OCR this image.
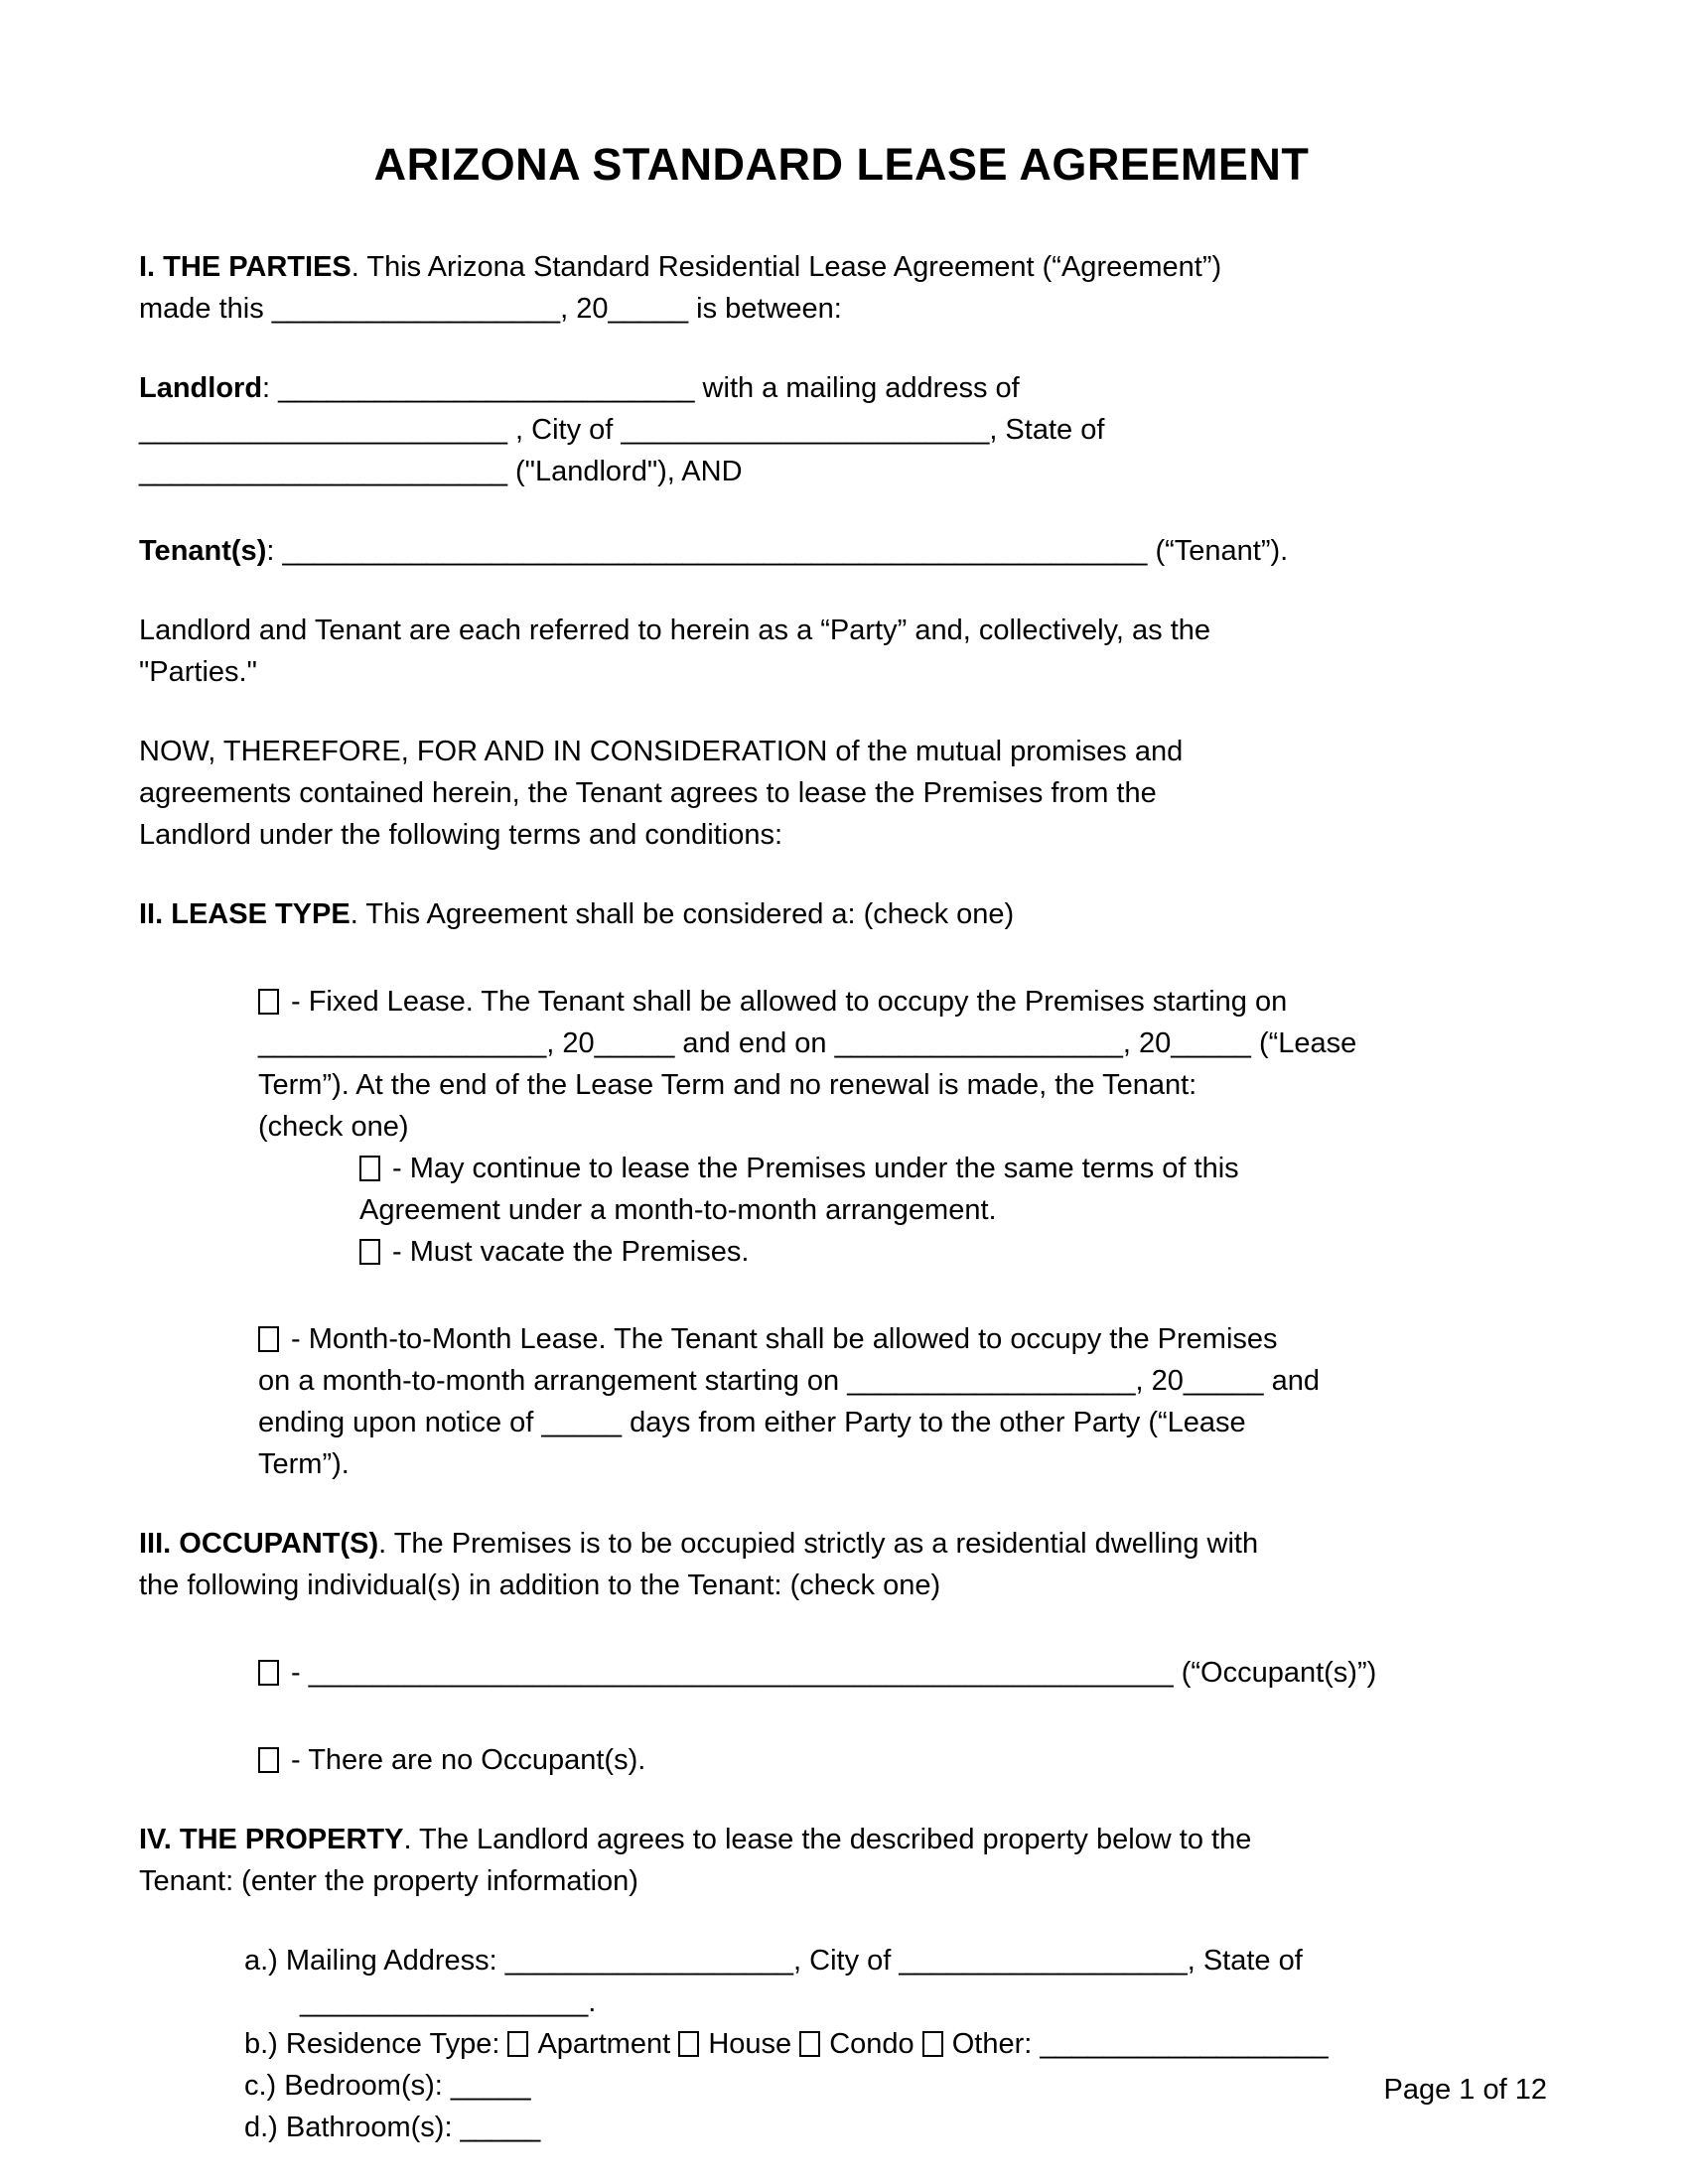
ARIZONA STANDARD LEASE AGREEMENT
I. THE PARTIES. This Arizona Standard Residential Lease Agreement (“Agreement”)
made this __________________, 20_____ is between:
Landlord: __________________________ with a mailing address of
_______________________ , City of _______________________, State of
_______________________ ("Landlord"), AND
Tenant(s): ______________________________________________________ (“Tenant”).
Landlord and Tenant are each referred to herein as a “Party” and, collectively, as the
"Parties."
NOW, THEREFORE, FOR AND IN CONSIDERATION of the mutual promises and
agreements contained herein, the Tenant agrees to lease the Premises from the
Landlord under the following terms and conditions:
II. LEASE TYPE. This Agreement shall be considered a: (check one)
- Fixed Lease. The Tenant shall be allowed to occupy the Premises starting on
__________________, 20_____ and end on __________________, 20_____ (“Lease
Term”). At the end of the Lease Term and no renewal is made, the Tenant:
(check one)
- May continue to lease the Premises under the same terms of this
Agreement under a month-to-month arrangement.
- Must vacate the Premises.
- Month-to-Month Lease. The Tenant shall be allowed to occupy the Premises
on a month-to-month arrangement starting on __________________, 20_____ and
ending upon notice of _____ days from either Party to the other Party (“Lease
Term”).
III. OCCUPANT(S). The Premises is to be occupied strictly as a residential dwelling with
the following individual(s) in addition to the Tenant: (check one)
- ______________________________________________________ (“Occupant(s)”)
- There are no Occupant(s).
IV. THE PROPERTY. The Landlord agrees to lease the described property below to the
Tenant: (enter the property information)
a.) Mailing Address: __________________, City of __________________, State of
__________________.
b.) Residence Type: Apartment House Condo Other: __________________
c.) Bedroom(s): _____
d.) Bathroom(s): _____
Page 1 of 12
